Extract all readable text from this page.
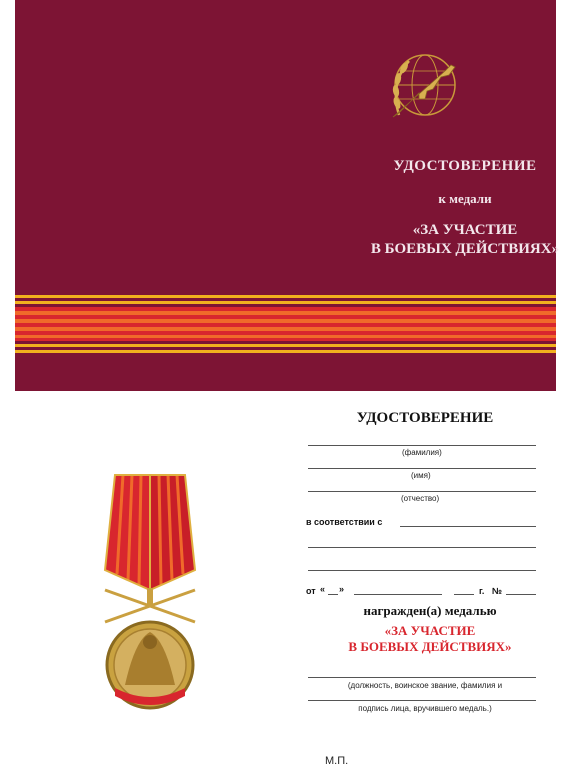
УДОСТОВЕРЕНИЕ
к медали
«ЗА УЧАСТИЕ
В БОЕВЫХ ДЕЙСТВИЯХ»
УДОСТОВЕРЕНИЕ
(фамилия)
(имя)
(отчество)
в соответствии с
от « »	г. №
награжден(а) медалью
«ЗА УЧАСТИЕ
В БОЕВЫХ ДЕЙСТВИЯХ»
(должность, воинское звание, фамилия и
подпись лица, вручившего медаль.)
М.П.
